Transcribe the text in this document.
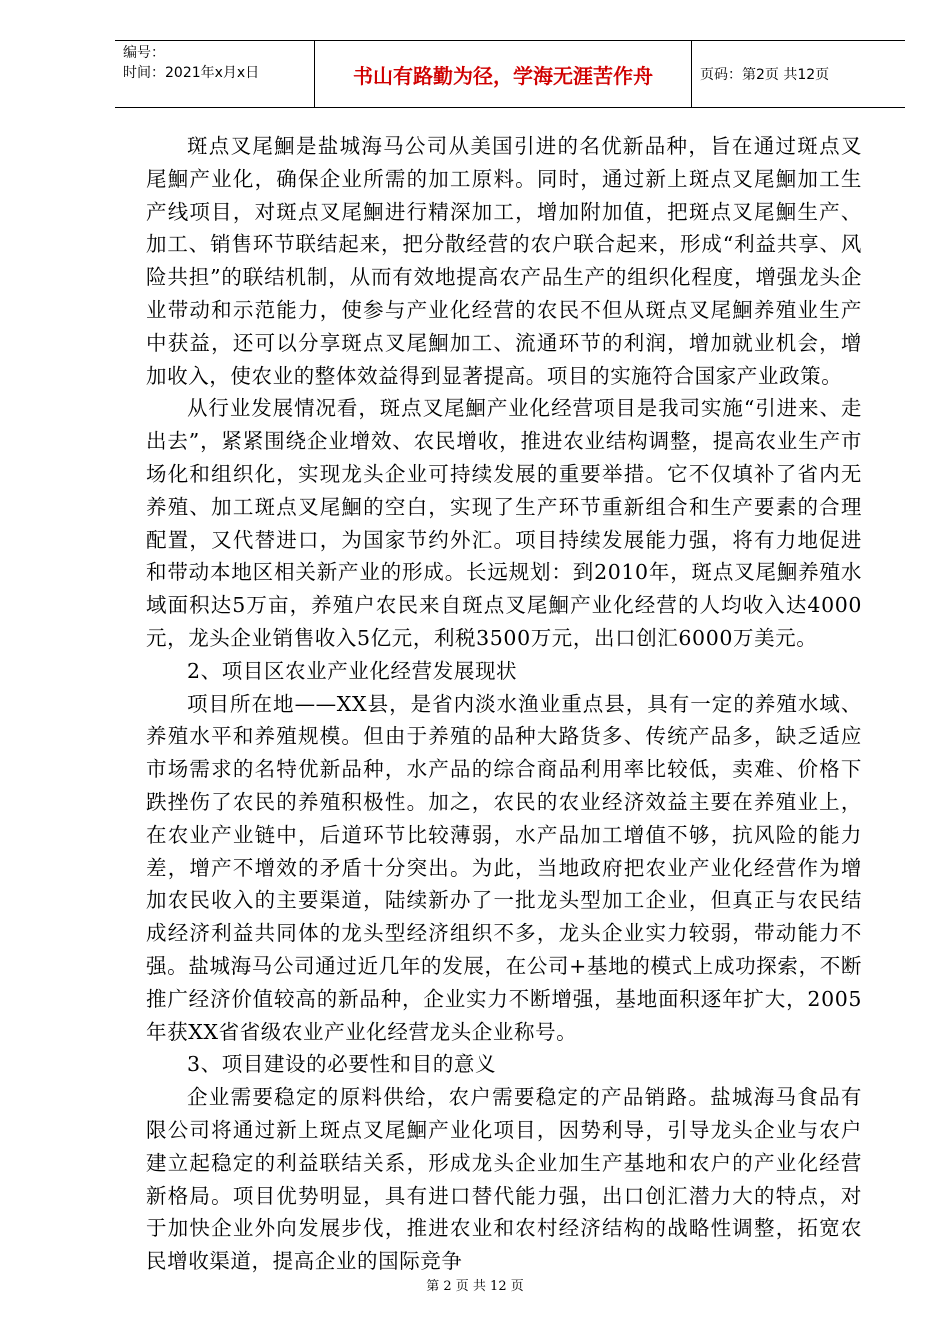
编号：
时间：2021年x月x日	书山有路勤为径，学海无涯苦作舟	页码：第2页 共12页

斑点叉尾鮰是盐城海马公司从美国引进的名优新品种，旨在通过斑点叉尾鮰产业化，确保企业所需的加工原料。同时，通过新上斑点叉尾鮰加工生产线项目，对斑点叉尾鮰进行精深加工，增加附加值，把斑点叉尾鮰生产、加工、销售环节联结起来，把分散经营的农户联合起来，形成“利益共享、风险共担”的联结机制，从而有效地提高农产品生产的组织化程度，增强龙头企业带动和示范能力，使参与产业化经营的农民不但从斑点叉尾鮰养殖业生产中获益，还可以分享斑点叉尾鮰加工、流通环节的利润，增加就业机会，增加收入，使农业的整体效益得到显著提高。项目的实施符合国家产业政策。

从行业发展情况看，斑点叉尾鮰产业化经营项目是我司实施“引进来、走出去”，紧紧围绕企业增效、农民增收，推进农业结构调整，提高农业生产市场化和组织化，实现龙头企业可持续发展的重要举措。它不仅填补了省内无养殖、加工斑点叉尾鮰的空白，实现了生产环节重新组合和生产要素的合理配置，又代替进口，为国家节约外汇。项目持续发展能力强，将有力地促进和带动本地区相关新产业的形成。长远规划：到2010年，斑点叉尾鮰养殖水域面积达5万亩，养殖户农民来自斑点叉尾鮰产业化经营的人均收入达4000元，龙头企业销售收入5亿元，利税3500万元，出口创汇6000万美元。

2、项目区农业产业化经营发展现状

项目所在地——XX县，是省内淡水渔业重点县，具有一定的养殖水域、养殖水平和养殖规模。但由于养殖的品种大路货多、传统产品多，缺乏适应市场需求的名特优新品种，水产品的综合商品利用率比较低，卖难、价格下跌挫伤了农民的养殖积极性。加之，农民的农业经济效益主要在养殖业上，在农业产业链中，后道环节比较薄弱，水产品加工增值不够，抗风险的能力差，增产不增效的矛盾十分突出。为此，当地政府把农业产业化经营作为增加农民收入的主要渠道，陆续新办了一批龙头型加工企业，但真正与农民结成经济利益共同体的龙头型经济组织不多，龙头企业实力较弱，带动能力不强。盐城海马公司通过近几年的发展，在公司+基地的模式上成功探索，不断推广经济价值较高的新品种，企业实力不断增强，基地面积逐年扩大，2005年获XX省省级农业产业化经营龙头企业称号。

3、项目建设的必要性和目的意义

企业需要稳定的原料供给，农户需要稳定的产品销路。盐城海马食品有限公司将通过新上斑点叉尾鮰产业化项目，因势利导，引导龙头企业与农户建立起稳定的利益联结关系，形成龙头企业加生产基地和农户的产业化经营新格局。项目优势明显，具有进口替代能力强，出口创汇潜力大的特点，对于加快企业外向发展步伐，推进农业和农村经济结构的战略性调整，拓宽农民增收渠道，提高企业的国际竞争

第 2 页 共 12 页
